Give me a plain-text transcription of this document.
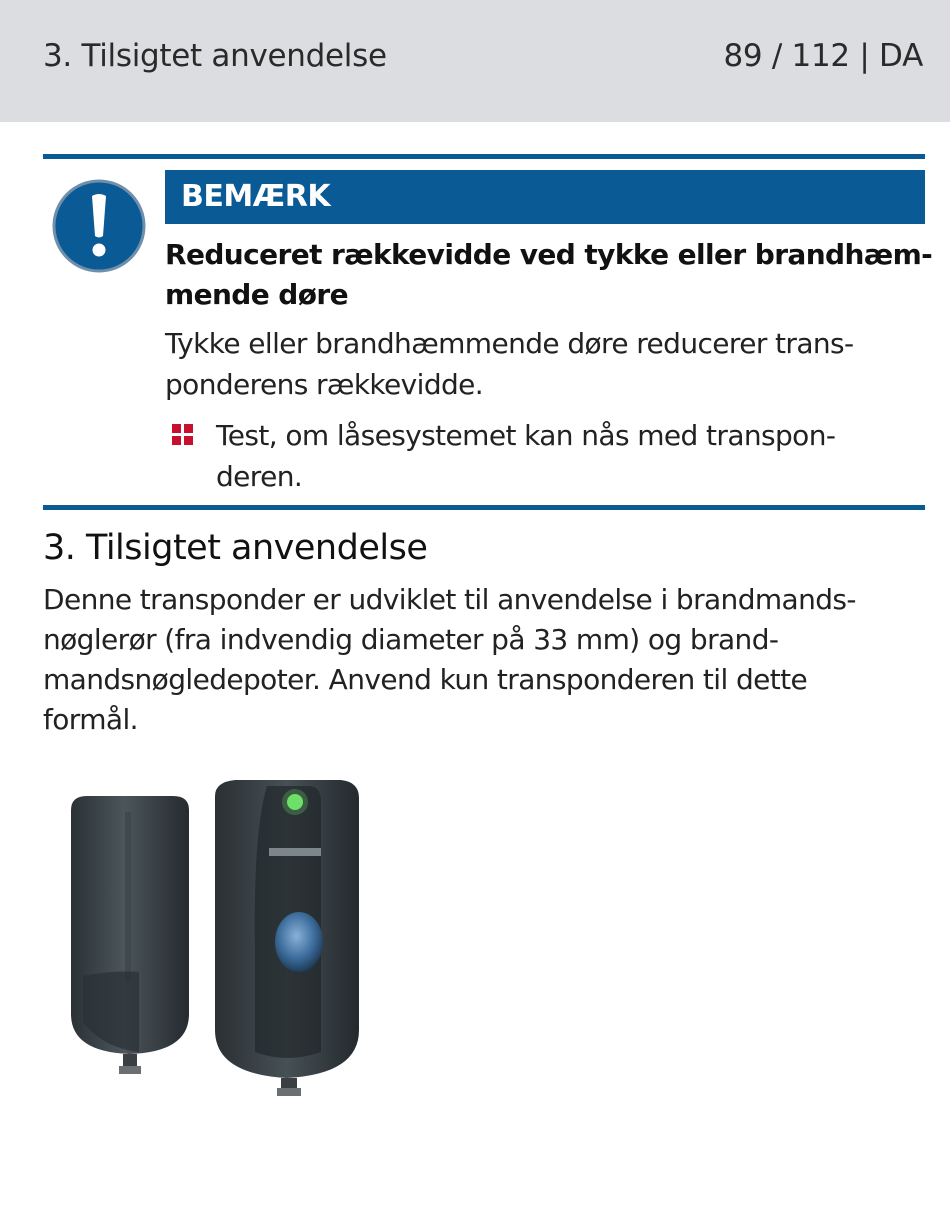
3. Tilsigtet anvendelse	89 / 112 | DA
BEMÆRK
Reduceret rækkevidde ved tykke eller brandhæm-
mende døre
Tykke eller brandhæmmende døre reducerer trans-
ponderens rækkevidde.
Test, om låsesystemet kan nås med transpon-
deren.
3. Tilsigtet anvendelse
Denne transponder er udviklet til anvendelse i brandmands-
nøglerør (fra indvendig diameter på 33 mm) og brand-
mandsnøgledepoter. Anvend kun transponderen til dette
formål.
